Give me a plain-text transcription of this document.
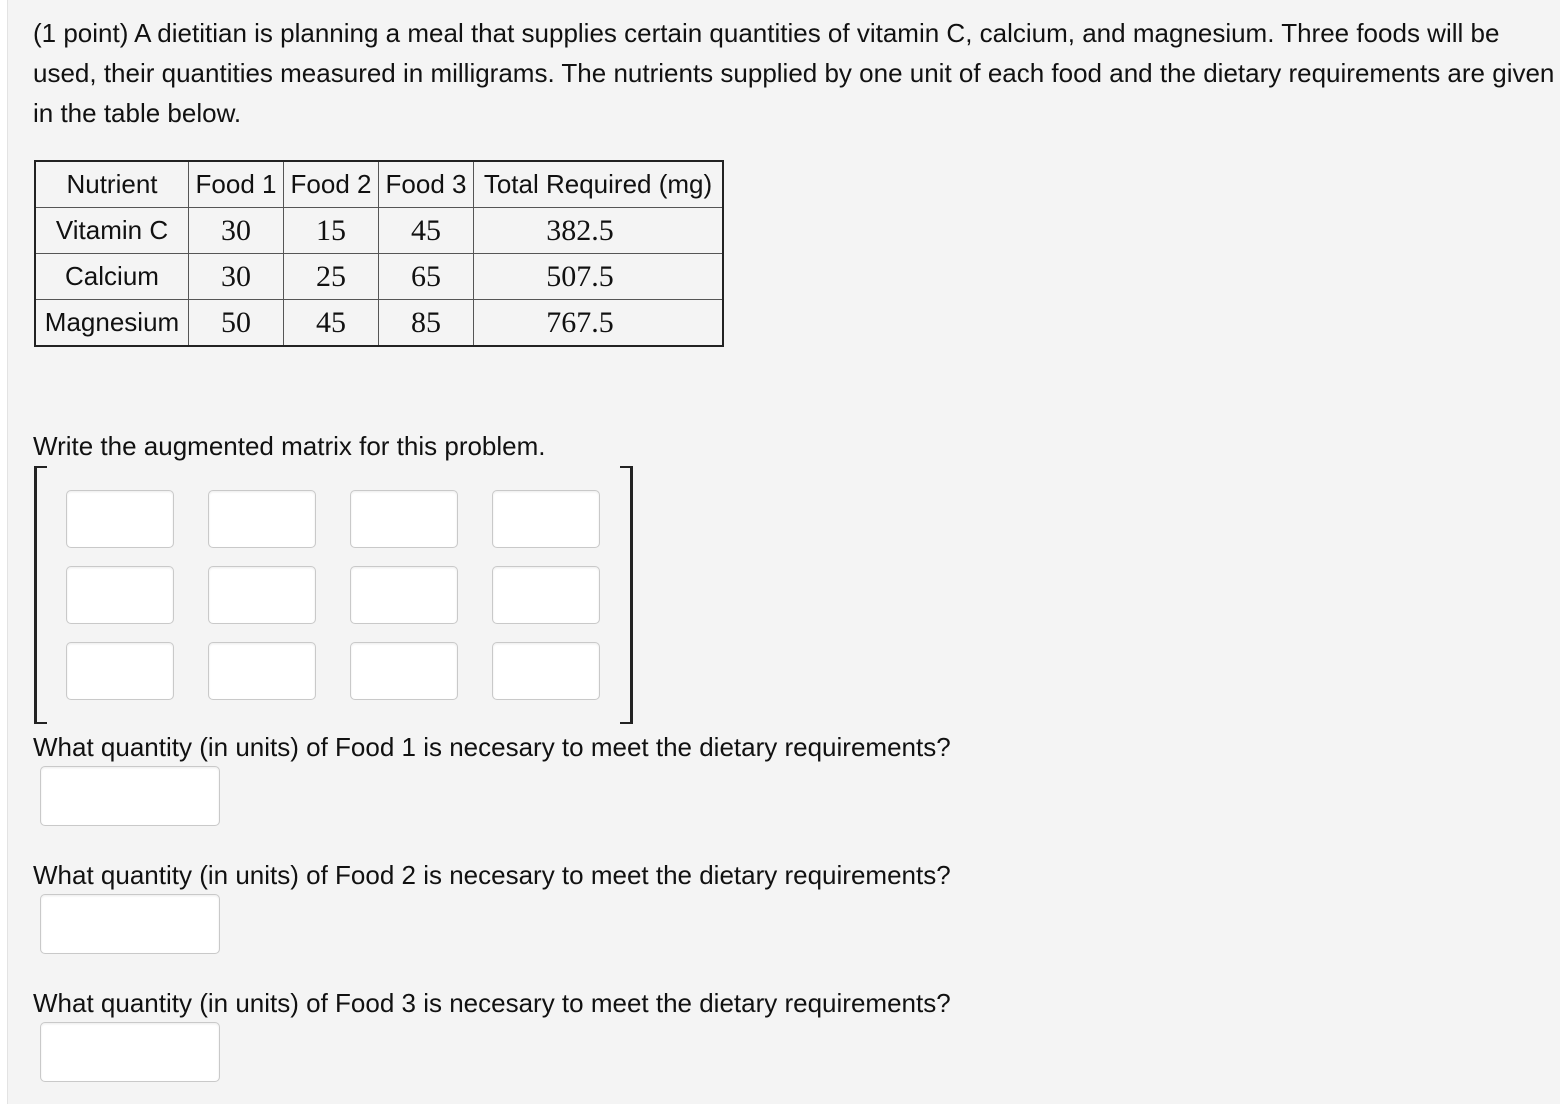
(1 point) A dietitian is planning a meal that supplies certain quantities of vitamin C, calcium, and magnesium. Three foods will be used, their quantities measured in milligrams. The nutrients supplied by one unit of each food and the dietary requirements are given in the table below.

Nutrient	Food 1	Food 2	Food 3	Total Required (mg)
Vitamin C	30	15	45	382.5
Calcium	30	25	65	507.5
Magnesium	50	45	85	767.5

Write the augmented matrix for this problem.

What quantity (in units) of Food 1 is necesary to meet the dietary requirements?

What quantity (in units) of Food 2 is necesary to meet the dietary requirements?

What quantity (in units) of Food 3 is necesary to meet the dietary requirements?
